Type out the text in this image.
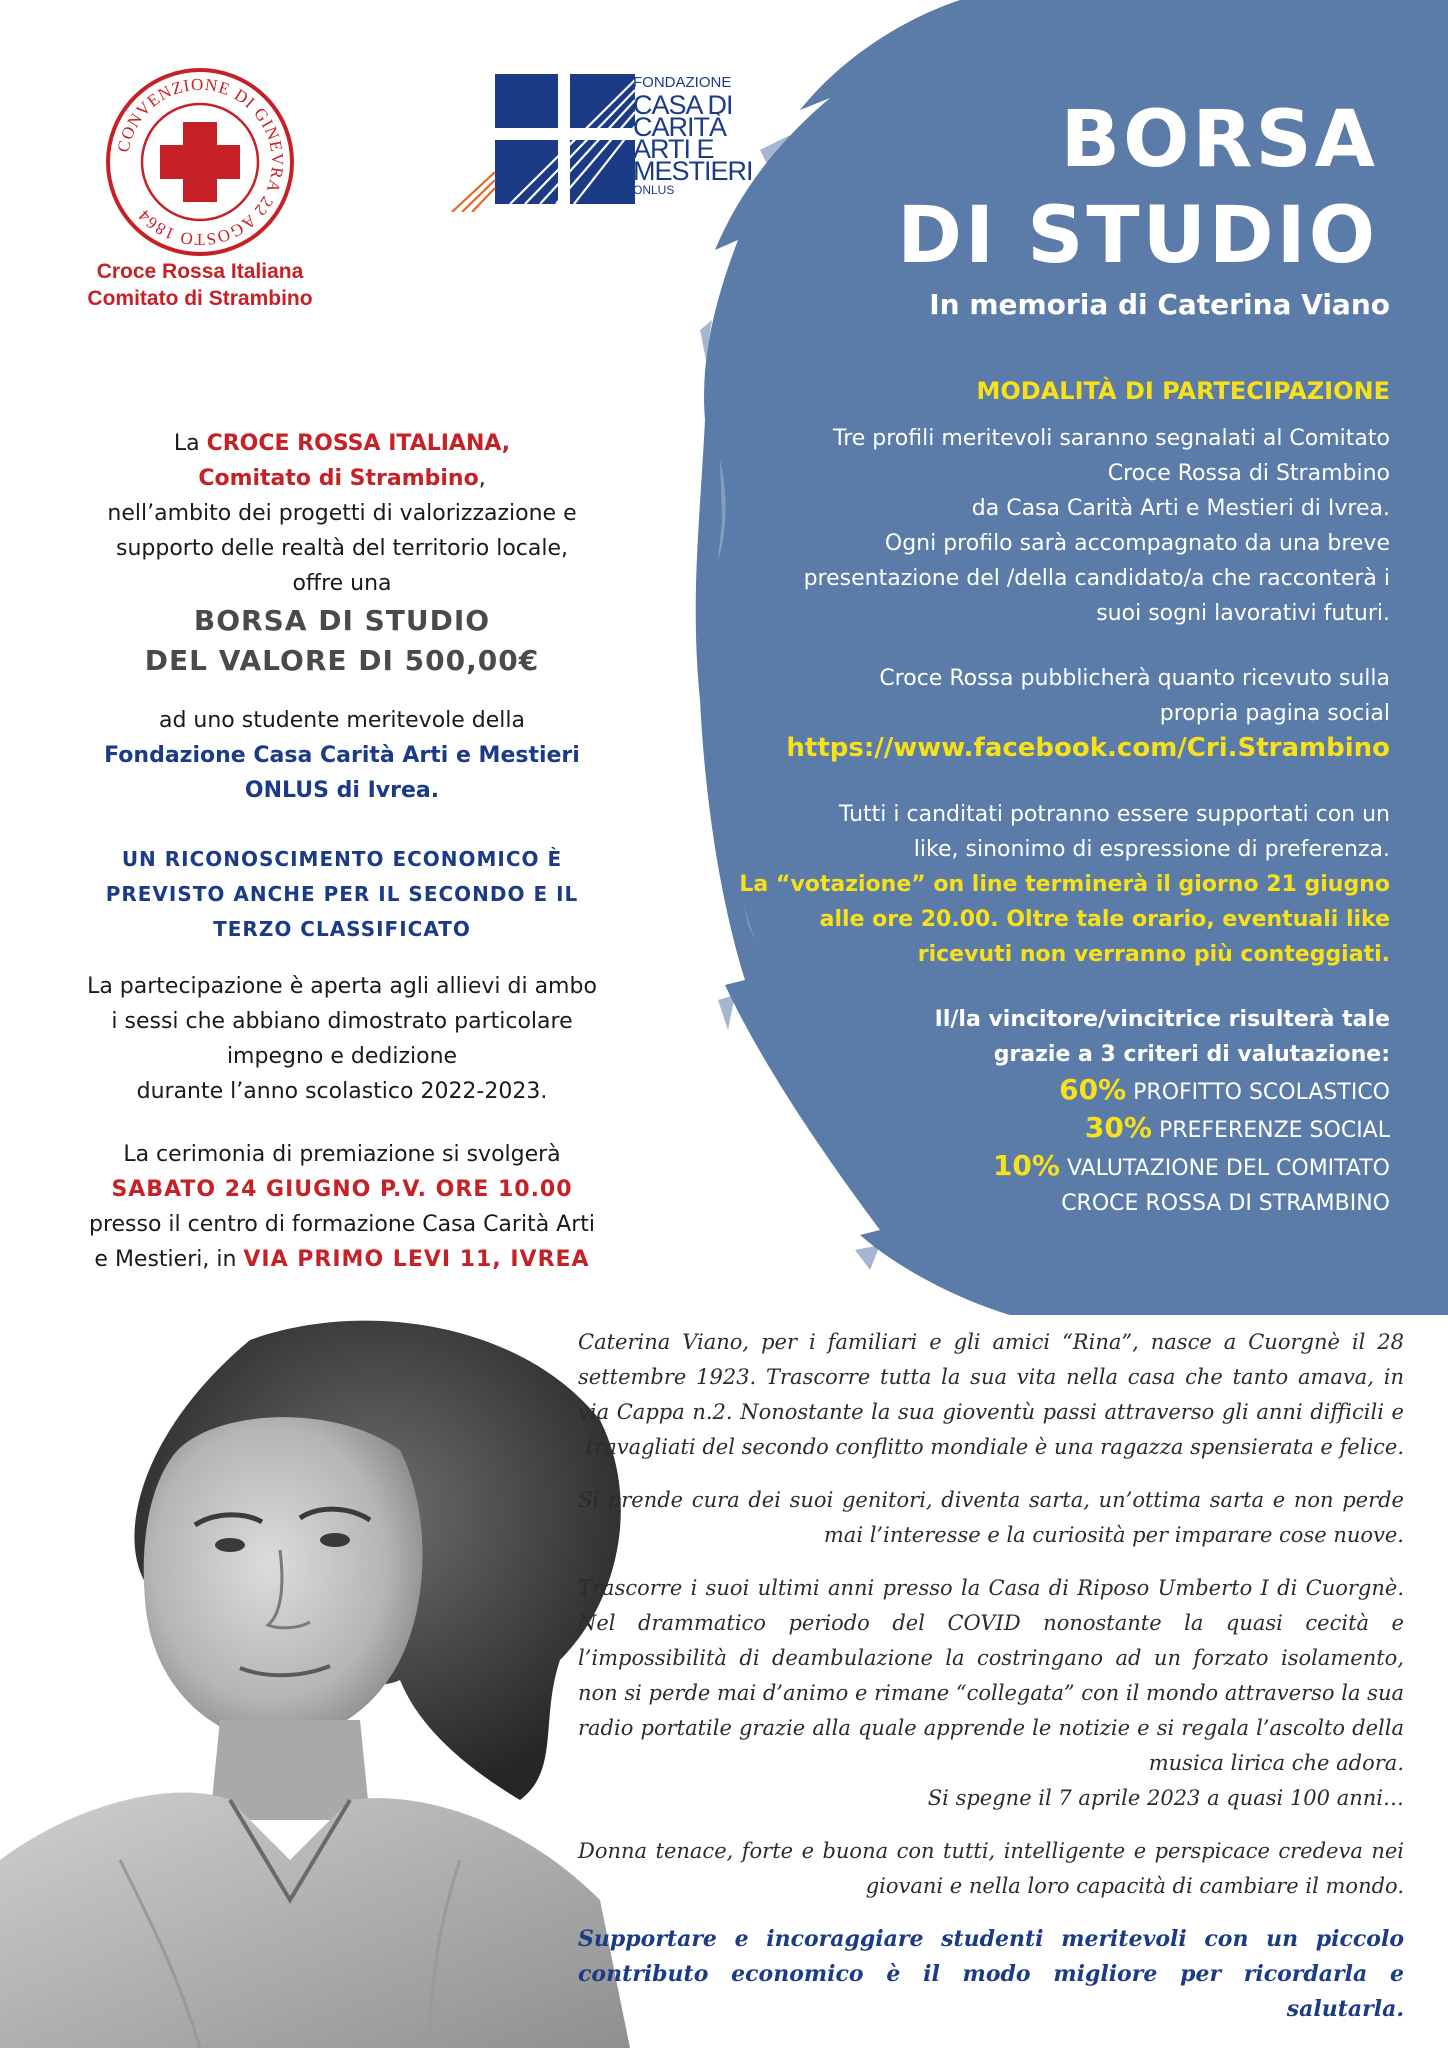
CONVENZIONE DI GINEVRA 22 AGOSTO 1864
Croce Rossa Italiana
Comitato di Strambino
FONDAZIONE
CASA DI
CARITÀ
ARTI E
MESTIERI
ONLUS
BORSA
DI STUDIO
In memoria di Caterina Viano
MODALITÀ DI PARTECIPAZIONE

Tre profili meritevoli saranno segnalati al Comitato
Croce Rossa di Strambino
da Casa Carità Arti e Mestieri di Ivrea.
Ogni profilo sarà accompagnato da una breve
presentazione del /della candidato/a che racconterà i
suoi sogni lavorativi futuri.

Croce Rossa pubblicherà quanto ricevuto sulla
propria pagina social
https://www.facebook.com/Cri.Strambino

Tutti i canditati potranno essere supportati con un
like, sinonimo di espressione di preferenza.
La “votazione” on line terminerà il giorno 21 giugno
alle ore 20.00. Oltre tale orario, eventuali like
ricevuti non verranno più conteggiati.

Il/la vincitore/vincitrice risulterà tale
grazie a 3 criteri di valutazione:
60% PROFITTO SCOLASTICO
30% PREFERENZE SOCIAL
10% VALUTAZIONE DEL COMITATO
CROCE ROSSA DI STRAMBINO

La CROCE ROSSA ITALIANA,
Comitato di Strambino,
nell’ambito dei progetti di valorizzazione e
supporto delle realtà del territorio locale,
offre una
BORSA DI STUDIO
DEL VALORE DI 500,00€

ad uno studente meritevole della
Fondazione Casa Carità Arti e Mestieri
ONLUS di Ivrea.

UN RICONOSCIMENTO ECONOMICO È
PREVISTO ANCHE PER IL SECONDO E IL
TERZO CLASSIFICATO

La partecipazione è aperta agli allievi di ambo
i sessi che abbiano dimostrato particolare
impegno e dedizione
durante l’anno scolastico 2022-2023.

La cerimonia di premiazione si svolgerà
SABATO 24 GIUGNO P.V. ORE 10.00
presso il centro di formazione Casa Carità Arti
e Mestieri, in VIA PRIMO LEVI 11, IVREA

Caterina Viano, per i familiari e gli amici “Rina”, nasce a Cuorgnè il 28 settembre 1923. Trascorre tutta la sua vita nella casa che tanto amava, in via Cappa n.2. Nonostante la sua gioventù passi attraverso gli anni difficili e travagliati del secondo conflitto mondiale è una ragazza spensierata e felice.

Si prende cura dei suoi genitori, diventa sarta, un’ottima sarta e non perde mai l’interesse e la curiosità per imparare cose nuove.

Trascorre i suoi ultimi anni presso la Casa di Riposo Umberto I di Cuorgnè. Nel drammatico periodo del COVID nonostante la quasi cecità e l’impossibilità di deambulazione la costringano ad un forzato isolamento, non si perde mai d’animo e rimane “collegata” con il mondo attraverso la sua radio portatile grazie alla quale apprende le notizie e si regala l’ascolto della musica lirica che adora.

Si spegne il 7 aprile 2023 a quasi 100 anni…

Donna tenace, forte e buona con tutti, intelligente e perspicace credeva nei giovani e nella loro capacità di cambiare il mondo.

Supportare e incoraggiare studenti meritevoli con un piccolo contributo economico è il modo migliore per ricordarla e salutarla.
